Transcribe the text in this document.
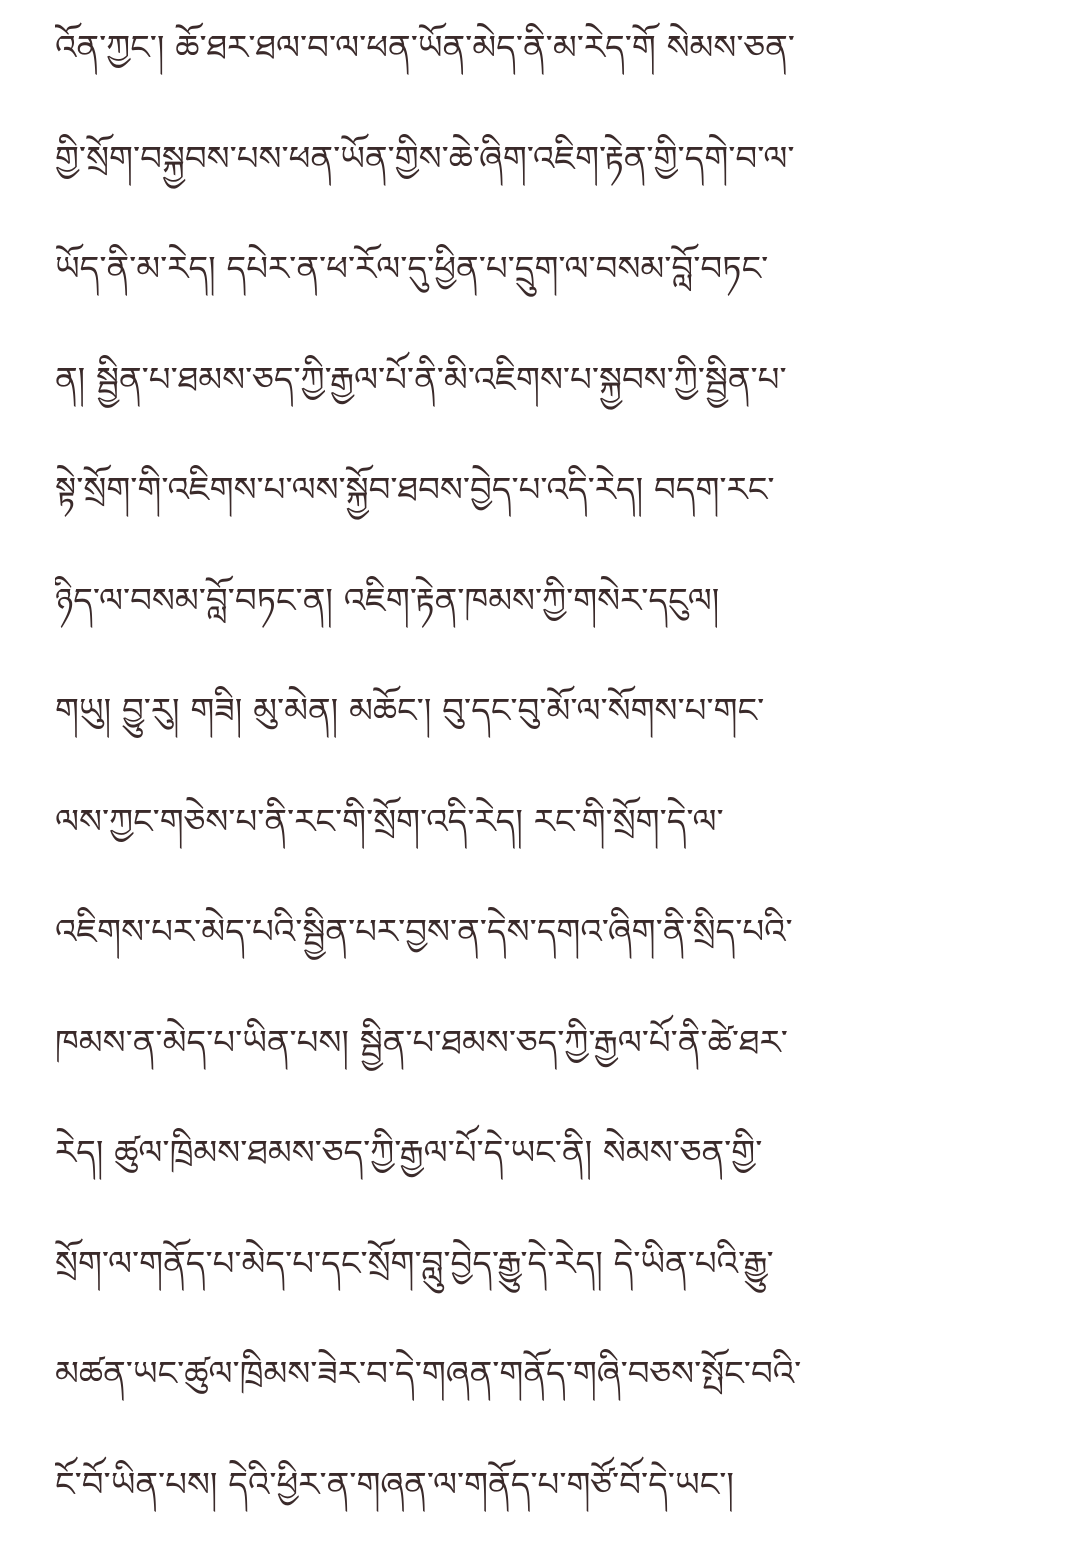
འོན་ཀྱང་། ཆོ་ཐར་ཐལ་བ་ལ་ཕན་ཡོན་མེད་ནི་མ་རེད་གོ སེམས་ཅན་
གྱི་སྲོག་བསྐྱབས་པས་ཕན་ཡོན་གྱིས་ཆེ་ཞིག་འཇིག་རྟེན་གྱི་དགེ་བ་ལ་
ཡོད་ནི་མ་རེད། དཔེར་ན་ཕ་རོལ་དུ་ཕྱིན་པ་དྲུག་ལ་བསམ་བློ་བཏང་
ན། སྦྱིན་པ་ཐམས་ཅད་ཀྱི་རྒྱལ་པོ་ནི་མི་འཇིགས་པ་སྐྱབས་ཀྱི་སྦྱིན་པ་
སྟེ་སྲོག་གི་འཇིགས་པ་ལས་སྐྱོབ་ཐབས་བྱེད་པ་འདི་རེད། བདག་རང་
ཉིད་ལ་བསམ་བློ་བཏང་ན། འཇིག་རྟེན་ཁམས་ཀྱི་གསེར་དངུལ།
གཡུ། བྱུ་རུ། གཟི། མུ་མེན། མཆོང་། བུ་དང་བུ་མོ་ལ་སོགས་པ་གང་
ལས་ཀྱང་གཅེས་པ་ནི་རང་གི་སྲོག་འདི་རེད། རང་གི་སྲོག་དེ་ལ་
འཇིགས་པར་མེད་པའི་སྦྱིན་པར་བྱས་ན་དེས་དགའ་ཞིག་ནི་སྲིད་པའི་
ཁམས་ན་མེད་པ་ཡིན་པས། སྦྱིན་པ་ཐམས་ཅད་ཀྱི་རྒྱལ་པོ་ནི་ཚེ་ཐར་
རེད། ཚུལ་ཁྲིམས་ཐམས་ཅད་ཀྱི་རྒྱལ་པོ་དེ་ཡང་ནི། སེམས་ཅན་གྱི་
སྲོག་ལ་གནོད་པ་མེད་པ་དང་སྲོག་བླུ་བྱེད་རྒྱུ་དེ་རེད། དེ་ཡིན་པའི་རྒྱུ་
མཚན་ཡང་ཚུལ་ཁྲིམས་ཟེར་བ་དེ་གཞན་གནོད་གཞི་བཅས་སྤོང་བའི་
ངོ་བོ་ཡིན་པས། དེའི་ཕྱིར་ན་གཞན་ལ་གནོད་པ་གཙོ་བོ་དེ་ཡང་།
